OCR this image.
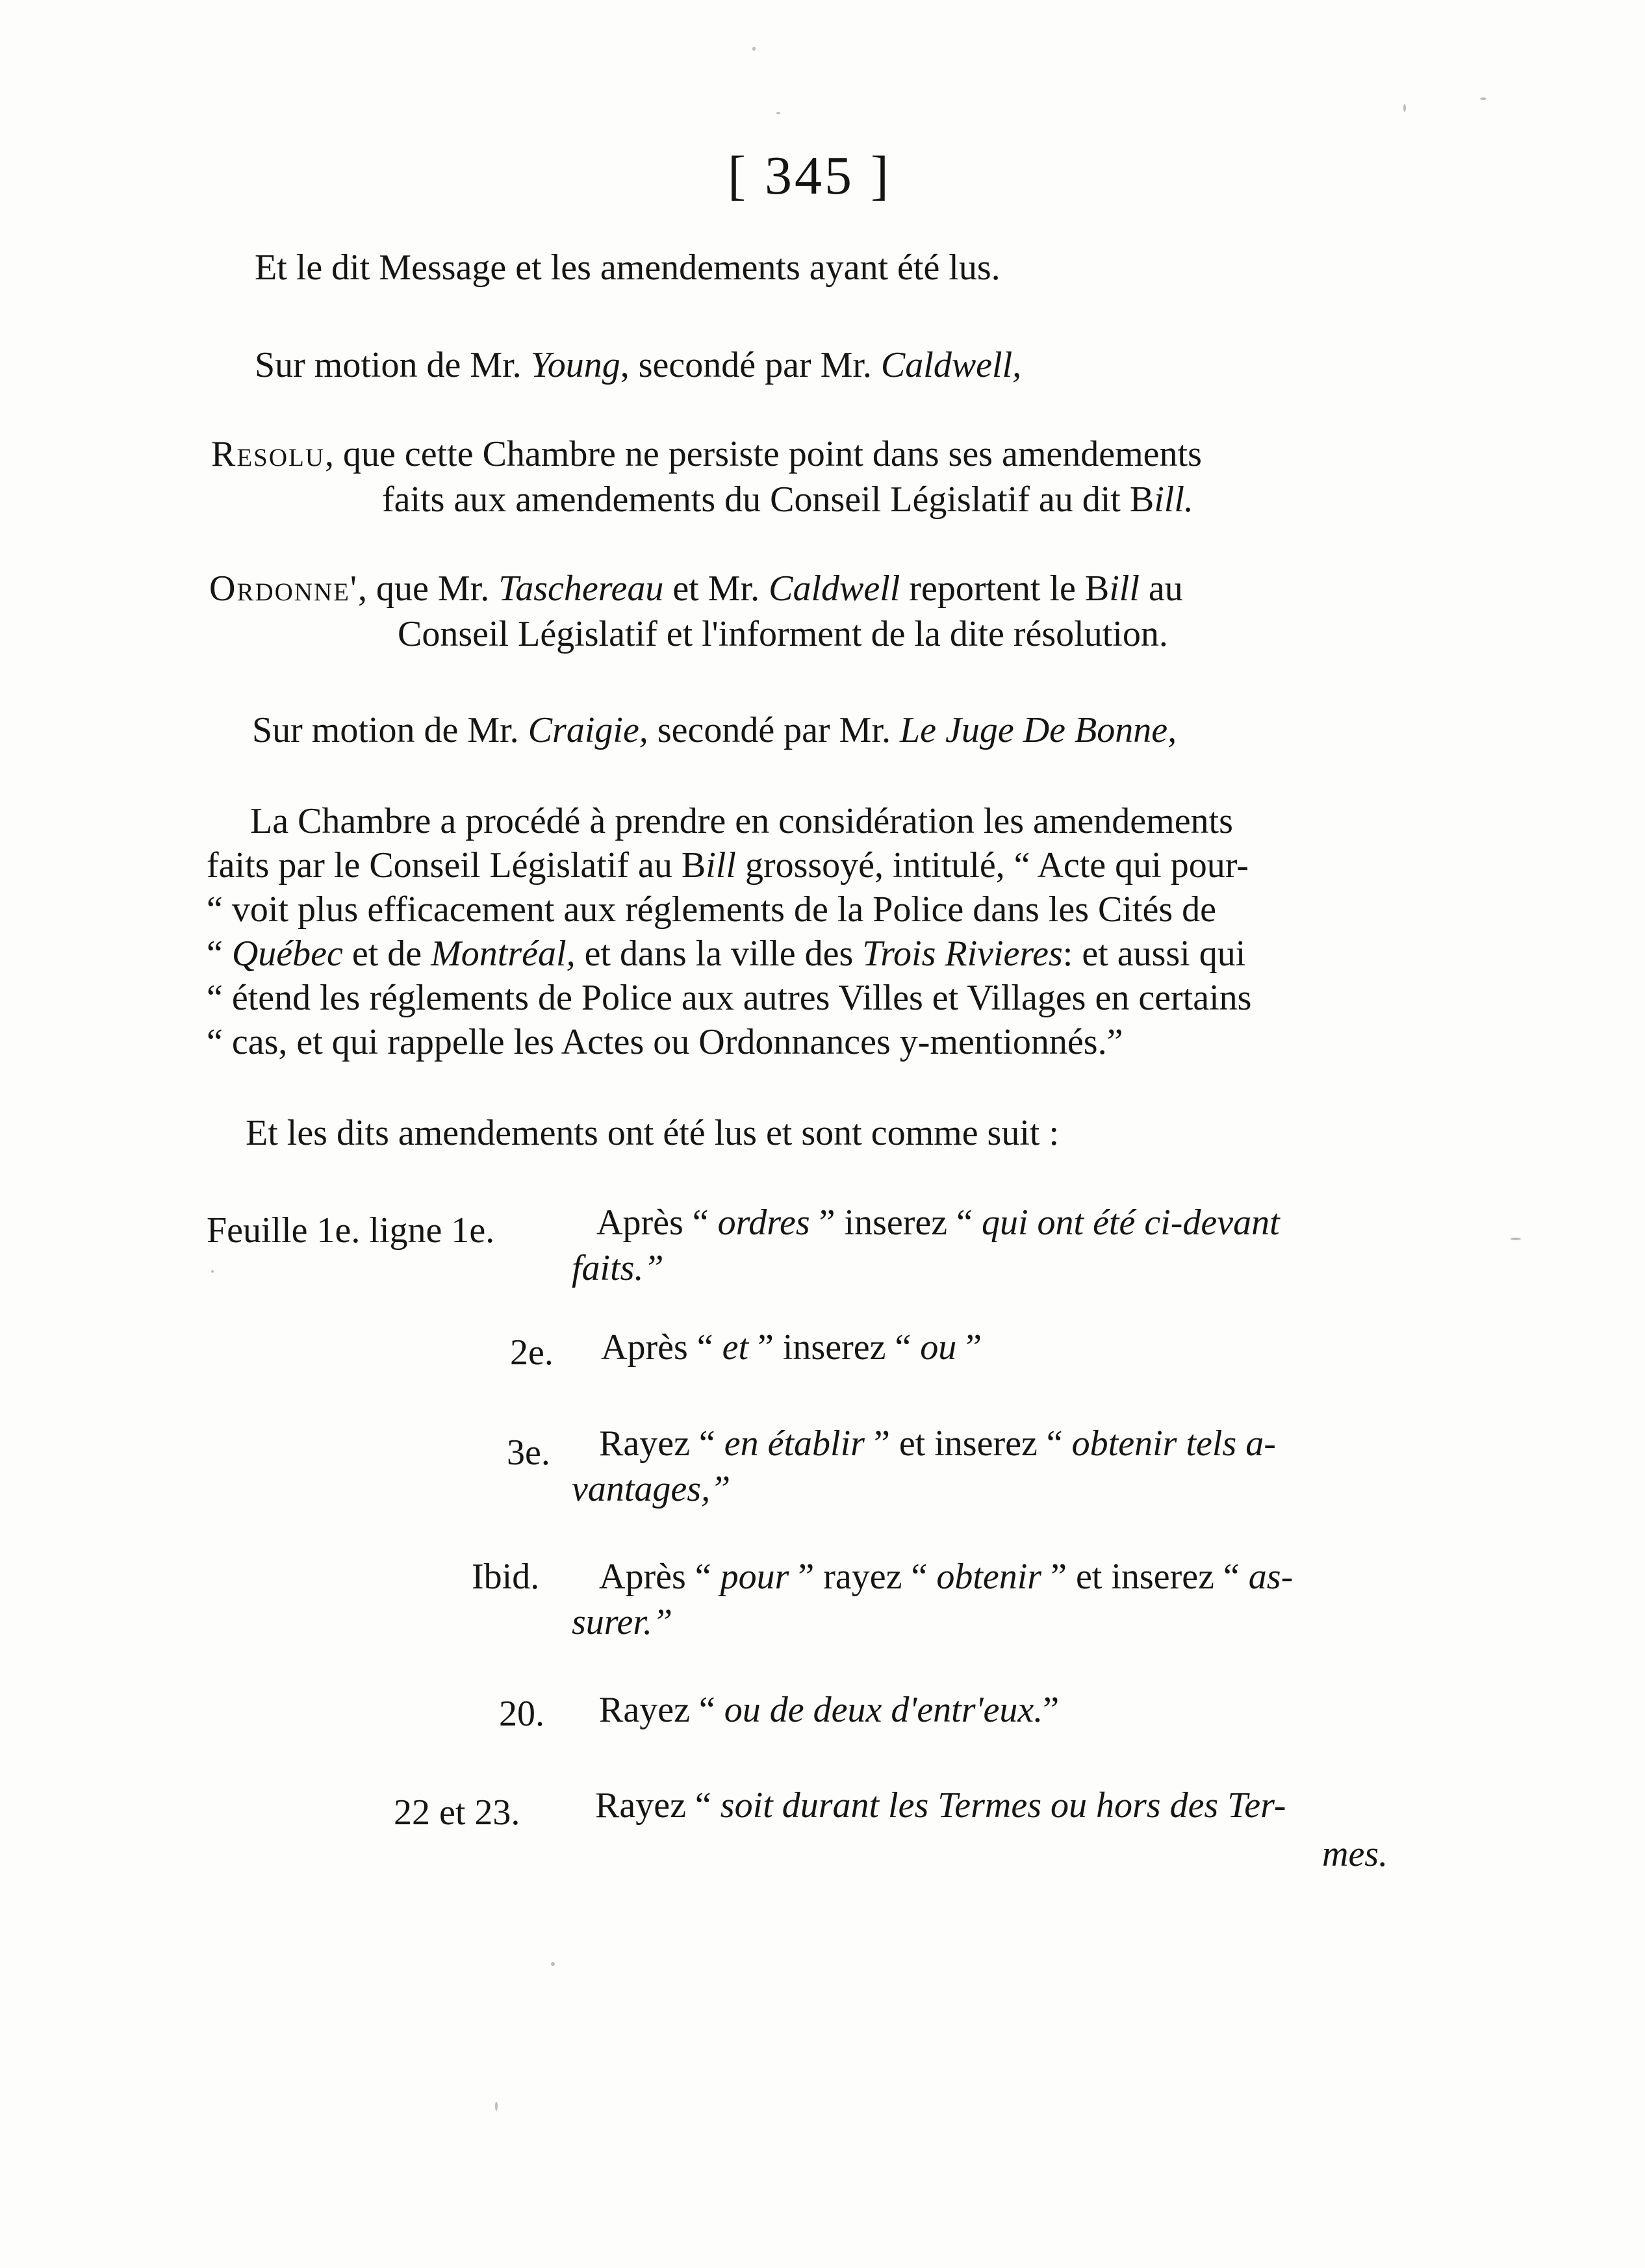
[ 345 ]
Et le dit Message et les amendements ayant été lus.
Sur motion de Mr. Young, secondé par Mr. Caldwell,
Resolu, que cette Chambre ne persiste point dans ses amendements
faits aux amendements du Conseil Législatif au dit Bill.
Ordonne', que Mr. Taschereau et Mr. Caldwell reportent le Bill au
Conseil Législatif et l'informent de la dite résolution.
Sur motion de Mr. Craigie, secondé par Mr. Le Juge De Bonne,
La Chambre a procédé à prendre en considération les amendements
faits par le Conseil Législatif au Bill grossoyé, intitulé, “ Acte qui pour-
“ voit plus efficacement aux réglements de la Police dans les Cités de
“ Québec et de Montréal, et dans la ville des Trois Rivieres: et aussi qui
“ étend les réglements de Police aux autres Villes et Villages en certains
“ cas, et qui rappelle les Actes ou Ordonnances y-mentionnés.”
Et les dits amendements ont été lus et sont comme suit :
Feuille 1e. ligne 1e.	Après “ ordres ” inserez “ qui ont été ci-devant
faits.”
2e. Après “ et ” inserez “ ou ”
3e. Rayez “ en établir ” et inserez “ obtenir tels a-
vantages,”
Ibid. Après “ pour ” rayez “ obtenir ” et inserez “ as-
surer.”
20. Rayez “ ou de deux d'entr'eux.”
22 et 23. Rayez “ soit durant les Termes ou hors des Ter-
mes.
